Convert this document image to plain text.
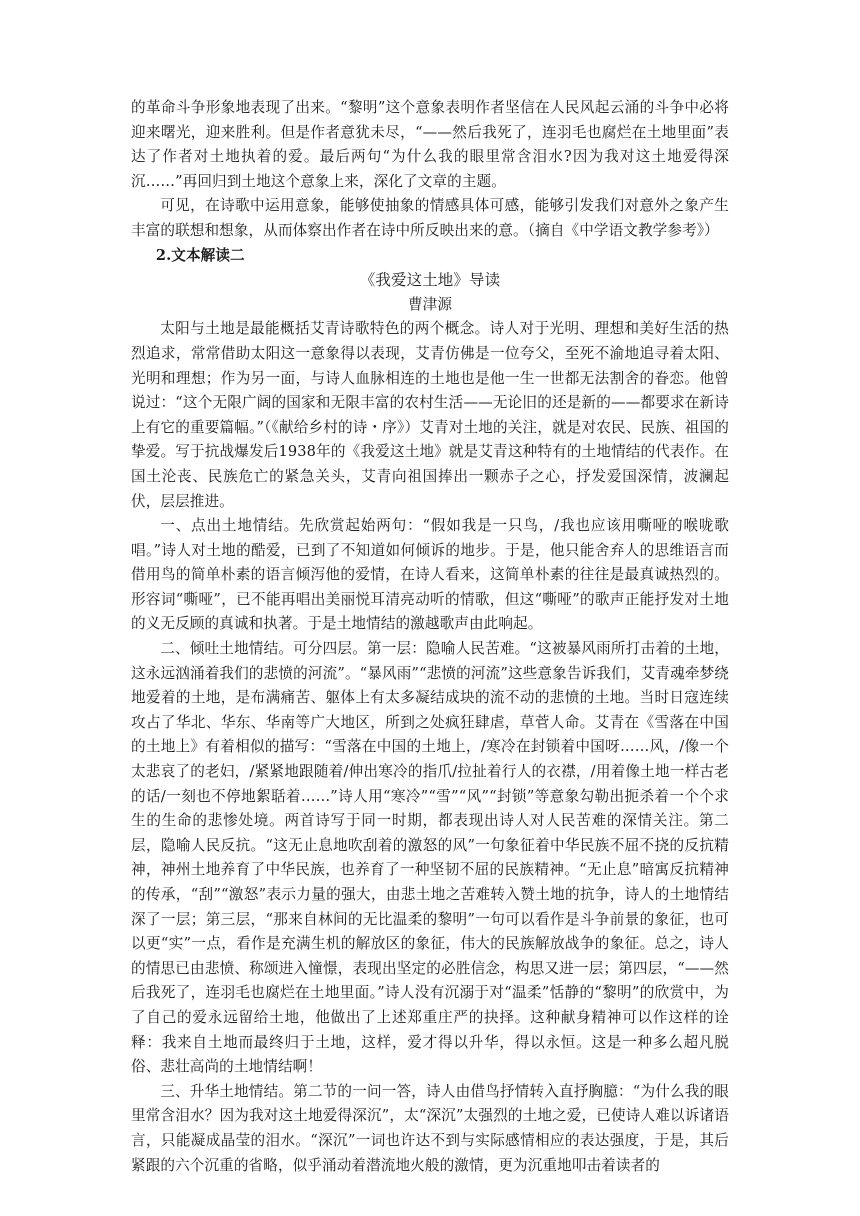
的革命斗争形象地表现了出来。“黎明”这个意象表明作者坚信在人民风起云涌的斗争中必将迎来曙光，迎来胜利。但是作者意犹未尽，“——然后我死了，连羽毛也腐烂在土地里面”表达了作者对土地执着的爱。最后两句“为什么我的眼里常含泪水?因为我对这土地爱得深沉……”再回归到土地这个意象上来，深化了文章的主题。

可见，在诗歌中运用意象，能够使抽象的情感具体可感，能够引发我们对意外之象产生丰富的联想和想象，从而体察出作者在诗中所反映出来的意。（摘自《中学语文教学参考》）

2.文本解读二

《我爱这土地》导读

曹津源

太阳与土地是最能概括艾青诗歌特色的两个概念。诗人对于光明、理想和美好生活的热烈追求，常常借助太阳这一意象得以表现，艾青仿佛是一位夸父，至死不渝地追寻着太阳、光明和理想；作为另一面，与诗人血脉相连的土地也是他一生一世都无法割舍的眷恋。他曾说过：“这个无限广阔的国家和无限丰富的农村生活——无论旧的还是新的——都要求在新诗上有它的重要篇幅。”（《献给乡村的诗・序》）艾青对土地的关注，就是对农民、民族、祖国的挚爱。写于抗战爆发后1938年的《我爱这土地》就是艾青这种特有的土地情结的代表作。在国土沦丧、民族危亡的紧急关头，艾青向祖国捧出一颗赤子之心，抒发爱国深情，波澜起伏，层层推进。

一、点出土地情结。先欣赏起始两句：“假如我是一只鸟，/我也应该用嘶哑的喉咙歌唱。”诗人对土地的酷爱，已到了不知道如何倾诉的地步。于是，他只能舍弃人的思维语言而借用鸟的简单朴素的语言倾泻他的爱情，在诗人看来，这简单朴素的往往是最真诚热烈的。形容词“嘶哑”，已不能再唱出美丽悦耳清亮动听的情歌，但这“嘶哑”的歌声正能抒发对土地的义无反顾的真诚和执著。于是土地情结的激越歌声由此响起。

二、倾吐土地情结。可分四层。第一层：隐喻人民苦难。“这被暴风雨所打击着的土地，这永远汹涌着我们的悲愤的河流”。“暴风雨”“悲愤的河流”这些意象告诉我们，艾青魂牵梦绕地爱着的土地，是布满痛苦、躯体上有太多凝结成块的流不动的悲愤的土地。当时日寇连续攻占了华北、华东、华南等广大地区，所到之处疯狂肆虐，草菅人命。艾青在《雪落在中国的土地上》有着相似的描写：“雪落在中国的土地上，/寒冷在封锁着中国呀……风，/像一个太悲哀了的老妇，/紧紧地跟随着/伸出寒冷的指爪/拉扯着行人的衣襟，/用着像土地一样古老的话/一刻也不停地絮聒着……”诗人用“寒冷”“雪”“风”“封锁”等意象勾勒出扼杀着一个个求生的生命的悲惨处境。两首诗写于同一时期，都表现出诗人对人民苦难的深情关注。第二层，隐喻人民反抗。“这无止息地吹刮着的激怒的风”一句象征着中华民族不屈不挠的反抗精神，神州土地养育了中华民族，也养育了一种坚韧不屈的民族精神。“无止息”暗寓反抗精神的传承，“刮”“激怒”表示力量的强大，由悲土地之苦难转入赞土地的抗争，诗人的土地情结深了一层；第三层，“那来自林间的无比温柔的黎明”一句可以看作是斗争前景的象征，也可以更“实”一点，看作是充满生机的解放区的象征，伟大的民族解放战争的象征。总之，诗人的情思已由悲愤、称颂进入憧憬，表现出坚定的必胜信念，构思又进一层；第四层，“——然后我死了，连羽毛也腐烂在土地里面。”诗人没有沉溺于对“温柔”恬静的“黎明”的欣赏中，为了自己的爱永远留给土地，他做出了上述郑重庄严的抉择。这种献身精神可以作这样的诠释：我来自土地而最终归于土地，这样，爱才得以升华，得以永恒。这是一种多么超凡脱俗、悲壮高尚的土地情结啊！

三、升华土地情结。第二节的一问一答，诗人由借鸟抒情转入直抒胸臆：“为什么我的眼里常含泪水？因为我对这土地爱得深沉”，太“深沉”太强烈的土地之爱，已使诗人难以诉诸语言，只能凝成晶莹的泪水。“深沉”一词也许达不到与实际感情相应的表达强度，于是，其后紧跟的六个沉重的省略，似乎涌动着潜流地火般的激情，更为沉重地叩击着读者的
